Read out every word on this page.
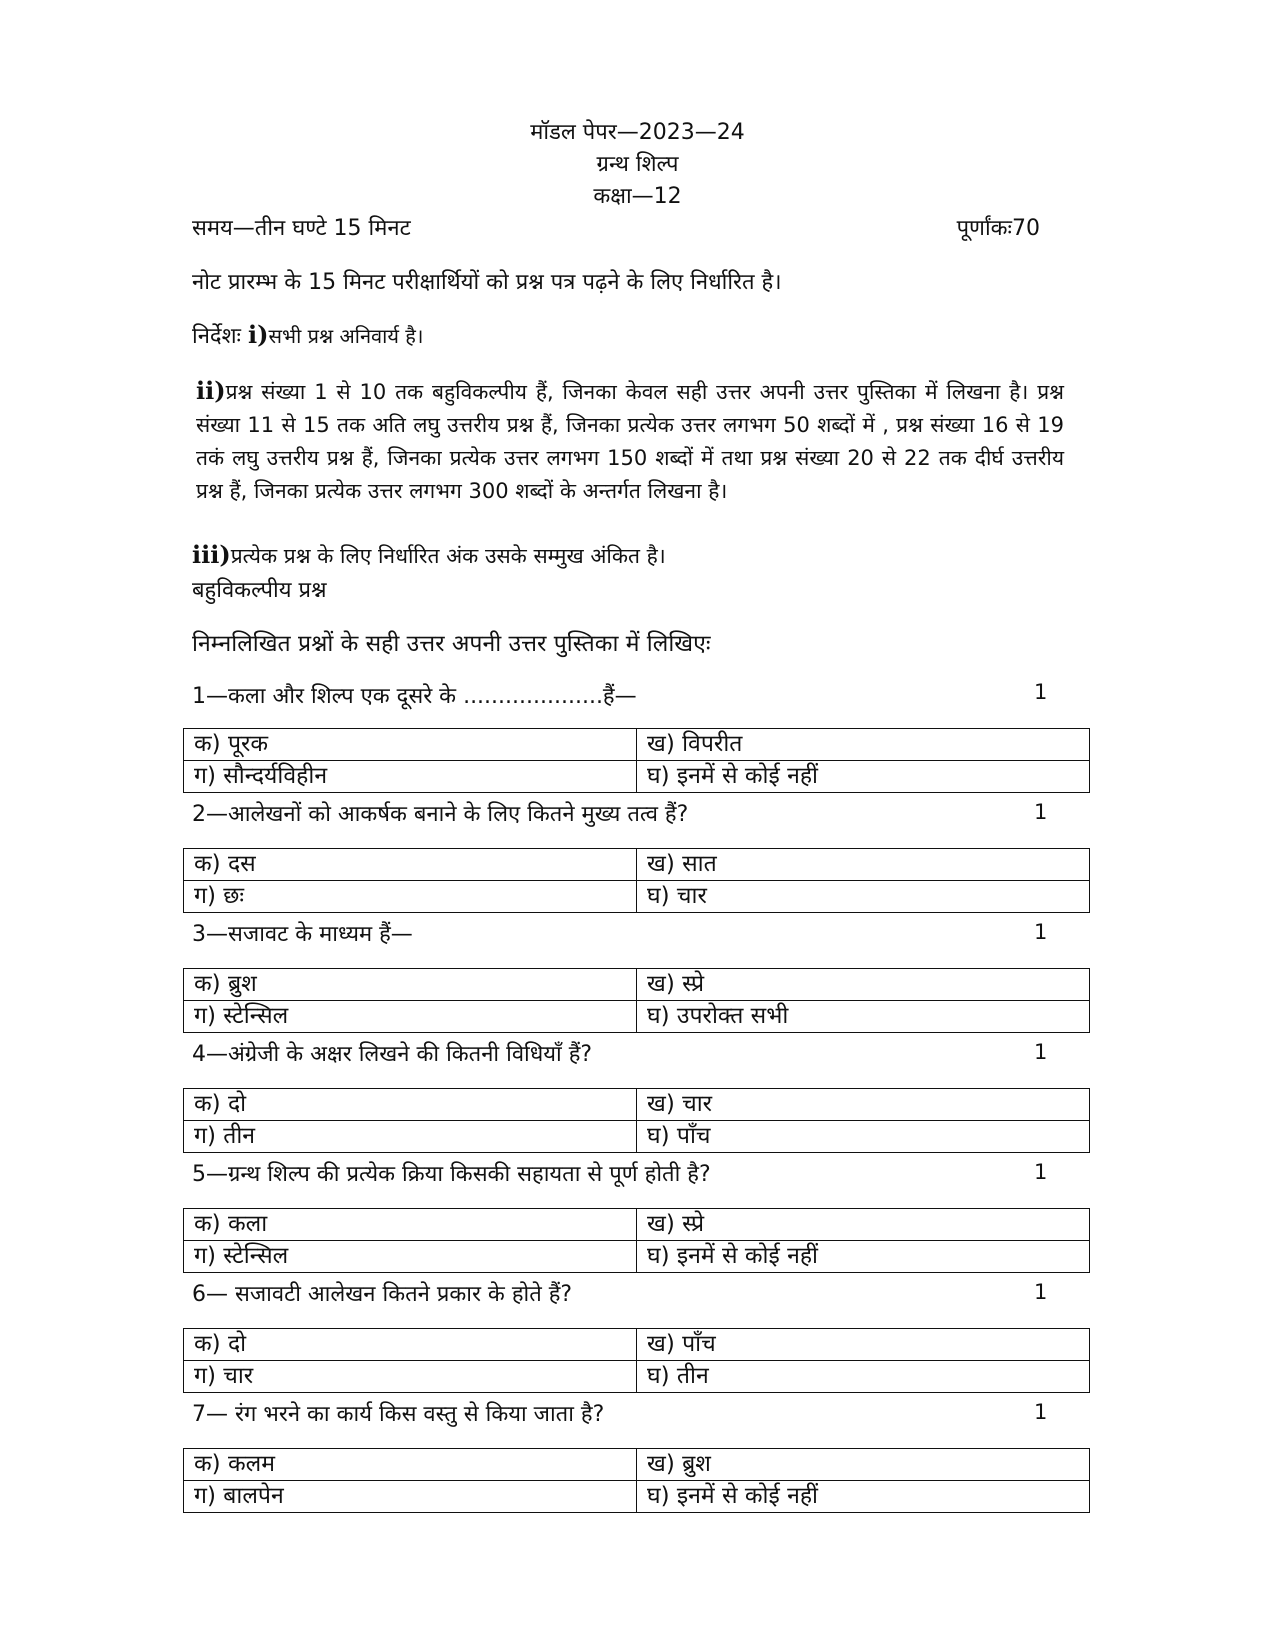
मॉडल पेपर—2023—24
ग्रन्थ शिल्प
कक्षा—12
समय—तीन घण्टे 15 मिनट	पूर्णांकः70
नोट प्रारम्भ के 15 मिनट परीक्षार्थियों को प्रश्न पत्र पढ़ने के लिए निर्धारित है।
निर्देशः i)सभी प्रश्न अनिवार्य है।
ii)प्रश्न संख्या 1 से 10 तक बहुविकल्पीय हैं, जिनका केवल सही उत्तर अपनी उत्तर पुस्तिका में लिखना है। प्रश्न संख्या 11 से 15 तक अति लघु उत्तरीय प्रश्न हैं, जिनका प्रत्येक उत्तर लगभग 50 शब्दों में , प्रश्न संख्या 16 से 19 तकं लघु उत्तरीय प्रश्न हैं, जिनका प्रत्येक उत्तर लगभग 150 शब्दों में तथा प्रश्न संख्या 20 से 22 तक दीर्घ उत्तरीय प्रश्न हैं, जिनका प्रत्येक उत्तर लगभग 300 शब्दों के अन्तर्गत लिखना है।
iii)प्रत्येक प्रश्न के लिए निर्धारित अंक उसके सम्मुख अंकित है।
बहुविकल्पीय प्रश्न
निम्नलिखित प्रश्नों के सही उत्तर अपनी उत्तर पुस्तिका में लिखिएः
1—कला और शिल्प एक दूसरे के ....................हैं—	1
क) पूरक	ख) विपरीत
ग) सौन्दर्यविहीन	घ) इनमें से कोई नहीं
2—आलेखनों को आकर्षक बनाने के लिए कितने मुख्य तत्व हैं?	1
क) दस	ख) सात
ग) छः	घ) चार
3—सजावट के माध्यम हैं—	1
क) ब्रुश	ख) स्प्रे
ग) स्टेन्सिल	घ) उपरोक्त सभी
4—अंग्रेजी के अक्षर लिखने की कितनी विधियाँ हैं?	1
क) दो	ख) चार
ग) तीन	घ) पाँच
5—ग्रन्थ शिल्प की प्रत्येक क्रिया किसकी सहायता से पूर्ण होती है?	1
क) कला	ख) स्प्रे
ग) स्टेन्सिल	घ) इनमें से कोई नहीं
6— सजावटी आलेखन कितने प्रकार के होते हैं?	1
क) दो	ख) पाँच
ग) चार	घ) तीन
7— रंग भरने का कार्य किस वस्तु से किया जाता है?	1
क) कलम	ख) ब्रुश
ग) बालपेन	घ) इनमें से कोई नहीं
